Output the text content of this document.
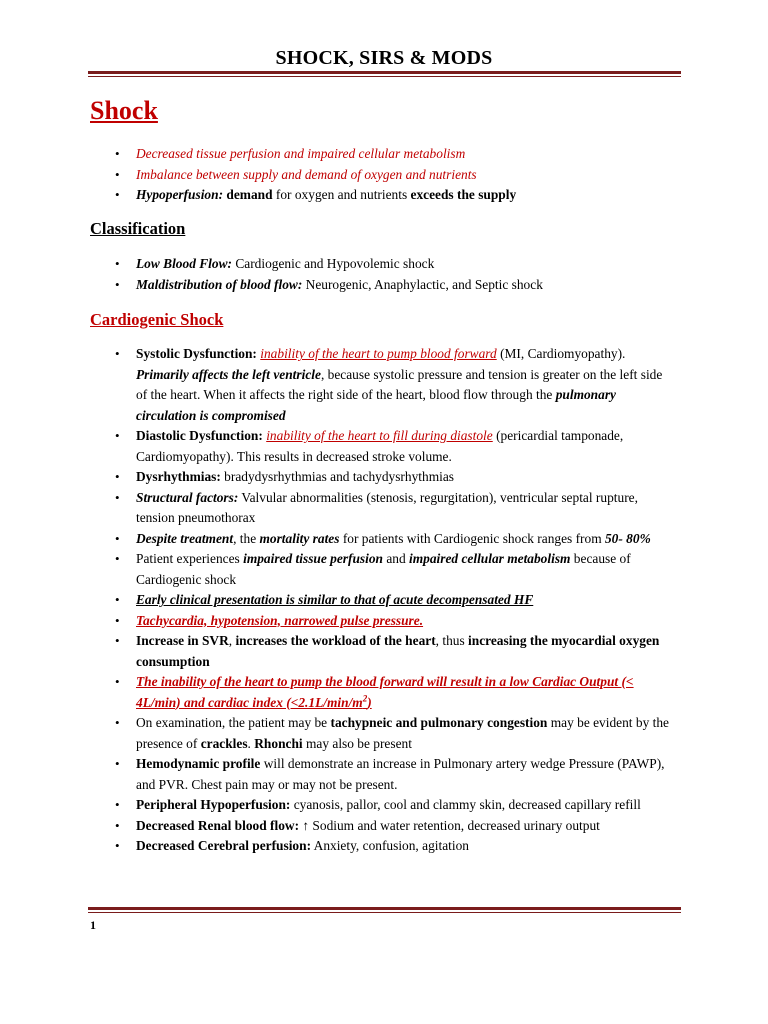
SHOCK, SIRS & MODS
Shock
• Decreased tissue perfusion and impaired cellular metabolism
• Imbalance between supply and demand of oxygen and nutrients
• Hypoperfusion: demand for oxygen and nutrients exceeds the supply
Classification
• Low Blood Flow: Cardiogenic and Hypovolemic shock
• Maldistribution of blood flow: Neurogenic, Anaphylactic, and Septic shock
Cardiogenic Shock
• Systolic Dysfunction: inability of the heart to pump blood forward (MI, Cardiomyopathy). Primarily affects the left ventricle, because systolic pressure and tension is greater on the left side of the heart. When it affects the right side of the heart, blood flow through the pulmonary circulation is compromised
• Diastolic Dysfunction: inability of the heart to fill during diastole (pericardial tamponade, Cardiomyopathy). This results in decreased stroke volume.
• Dysrhythmias: bradydysrhythmias and tachydysrhythmias
• Structural factors: Valvular abnormalities (stenosis, regurgitation), ventricular septal rupture, tension pneumothorax
• Despite treatment, the mortality rates for patients with Cardiogenic shock ranges from 50- 80%
• Patient experiences impaired tissue perfusion and impaired cellular metabolism because of Cardiogenic shock
• Early clinical presentation is similar to that of acute decompensated HF
• Tachycardia, hypotension, narrowed pulse pressure.
• Increase in SVR, increases the workload of the heart, thus increasing the myocardial oxygen consumption
• The inability of the heart to pump the blood forward will result in a low Cardiac Output (< 4L/min) and cardiac index $(<2.1L/\min/m^2)$
• On examination, the patient may be tachypneic and pulmonary congestion may be evident by the presence of crackles. Rhonchi may also be present
• Hemodynamic profile will demonstrate an increase in Pulmonary artery wedge Pressure (PAWP), and PVR. Chest pain may or may not be present.
• Peripheral Hypoperfusion: cyanosis, pallor, cool and clammy skin, decreased capillary refill
• Decreased Renal blood flow: ↑ Sodium and water retention, decreased urinary output
• Decreased Cerebral perfusion: Anxiety, confusion, agitation
1
